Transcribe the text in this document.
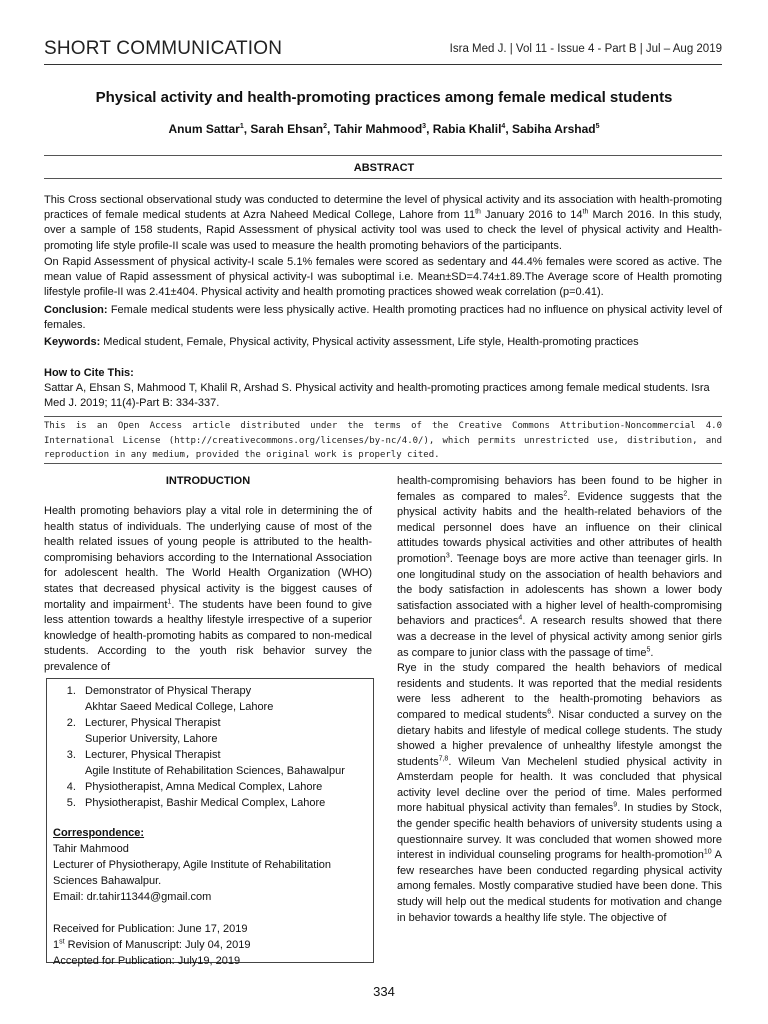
SHORT COMMUNICATION	Isra Med J. | Vol 11 - Issue 4 - Part B | Jul – Aug 2019
Physical activity and health-promoting practices among female medical students
Anum Sattar$^1$, Sarah Ehsan$^2$, Tahir Mahmood$^3$, Rabia Khalil$^4$, Sabiha Arshad$^5$
ABSTRACT
This Cross sectional observational study was conducted to determine the level of physical activity and its association with health-promoting practices of female medical students at Azra Naheed Medical College, Lahore from 11th January 2016 to 14th March 2016. In this study, over a sample of 158 students, Rapid Assessment of physical activity tool was used to check the level of physical activity and Health-promoting life style profile-II scale was used to measure the health promoting behaviors of the participants.
On Rapid Assessment of physical activity-I scale 5.1% females were scored as sedentary and 44.4% females were scored as active. The mean value of Rapid assessment of physical activity-I was suboptimal i.e. Mean±SD=4.74±1.89.The Average score of Health promoting lifestyle profile-II was 2.41±404. Physical activity and health promoting practices showed weak correlation (p=0.41).
Conclusion: Female medical students were less physically active. Health promoting practices had no influence on physical activity level of females.
Keywords: Medical student, Female, Physical activity, Physical activity assessment, Life style, Health-promoting practices
How to Cite This:
Sattar A, Ehsan S, Mahmood T, Khalil R, Arshad S. Physical activity and health-promoting practices among female medical students. Isra Med J. 2019; 11(4)-Part B: 334-337.
This is an Open Access article distributed under the terms of the Creative Commons Attribution-Noncommercial 4.0 International License (http://creativecommons.org/licenses/by-nc/4.0/), which permits unrestricted use, distribution, and reproduction in any medium, provided the original work is properly cited.
INTRODUCTION
Health promoting behaviors play a vital role in determining the of health status of individuals. The underlying cause of most of the health related issues of young people is attributed to the health-compromising behaviors according to the International Association for adolescent health. The World Health Organization (WHO) states that decreased physical activity is the biggest causes of mortality and impairment$^1$. The students have been found to give less attention towards a healthy lifestyle irrespective of a superior knowledge of health-promoting habits as compared to non-medical students. According to the youth risk behavior survey the prevalence of
1. Demonstrator of Physical Therapy
Akhtar Saeed Medical College, Lahore
2. Lecturer, Physical Therapist
Superior University, Lahore
3. Lecturer, Physical Therapist
Agile Institute of Rehabilitation Sciences, Bahawalpur
4. Physiotherapist, Amna Medical Complex, Lahore
5. Physiotherapist, Bashir Medical Complex, Lahore
Correspondence:
Tahir Mahmood
Lecturer of Physiotherapy, Agile Institute of Rehabilitation Sciences Bahawalpur.
Email: dr.tahir11344@gmail.com
Received for Publication: June 17, 2019
1st Revision of Manuscript: July 04, 2019
Accepted for Publication: July19, 2019

health-compromising behaviors has been found to be higher in females as compared to males$^2$. Evidence suggests that the physical activity habits and the health-related behaviors of the medical personnel does have an influence on their clinical attitudes towards physical activities and other attributes of health promotion$^3$. Teenage boys are more active than teenager girls. In one longitudinal study on the association of health behaviors and the body satisfaction in adolescents has shown a lower body satisfaction associated with a higher level of health-compromising behaviors and practices$^4$. A research results showed that there was a decrease in the level of physical activity among senior girls as compare to junior class with the passage of time$^5$.

Rye in the study compared the health behaviors of medical residents and students. It was reported that the medial residents were less adherent to the health-promoting behaviors as compared to medical students$^6$. Nisar conducted a survey on the dietary habits and lifestyle of medical college students. The study showed a higher prevalence of unhealthy lifestyle amongst the students$^{7,8}$. Wileum Van Mechelenl studied physical activity in Amsterdam people for health. It was concluded that physical activity level decline over the period of time. Males performed more habitual physical activity than females$^9$. In studies by Stock, the gender specific health behaviors of university students using a questionnaire survey. It was concluded that women showed more interest in individual counseling programs for health-promotion$^{10}$ A few researches have been conducted regarding physical activity among females. Mostly comparative studied have been done. This study will help out the medical students for motivation and change in behavior towards a healthy life style. The objective of

334
